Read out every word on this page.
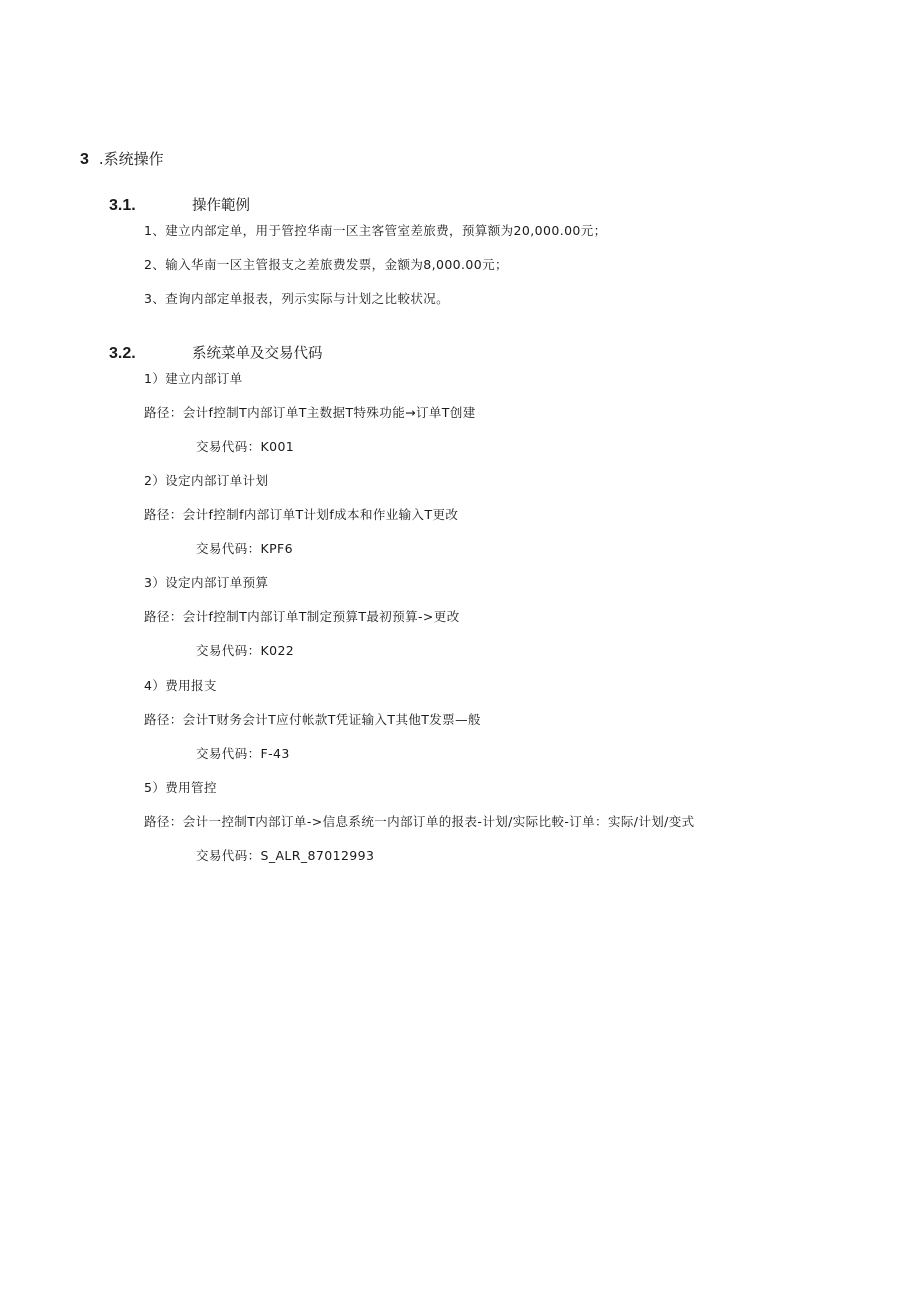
3 .系统操作
3.1.	操作範例
1、建立内部定单，用于管控华南一区主客管室差旅费，预算额为20,000.00元；
2、输入华南一区主管报支之差旅费发票，金额为8,000.00元；
3、查询内部定单报表，列示实际与计划之比較状况。
3.2.	系统菜单及交易代码
1）建立内部订单
路径：会计f控制T内部订单T主数据T特殊功能→订单T创建
交易代码：K001
2）设定内部订单计划
路径：会计f控制f内部订单T计划f成本和作业输入T更改
交易代码：KPF6
3）设定内部订单预算
路径：会计f控制T内部订单T制定预算T最初预算->更改
交易代码：K022
4）费用报支
路径：会计T财务会计T应付帐款T凭证输入T其他T发票—般
交易代码：F-43
5）费用管控
路径：会计一控制T内部订单->信息系统一内部订单的报表-计划/实际比較-订单：实际/计划/变式
交易代码：S_ALR_87012993
